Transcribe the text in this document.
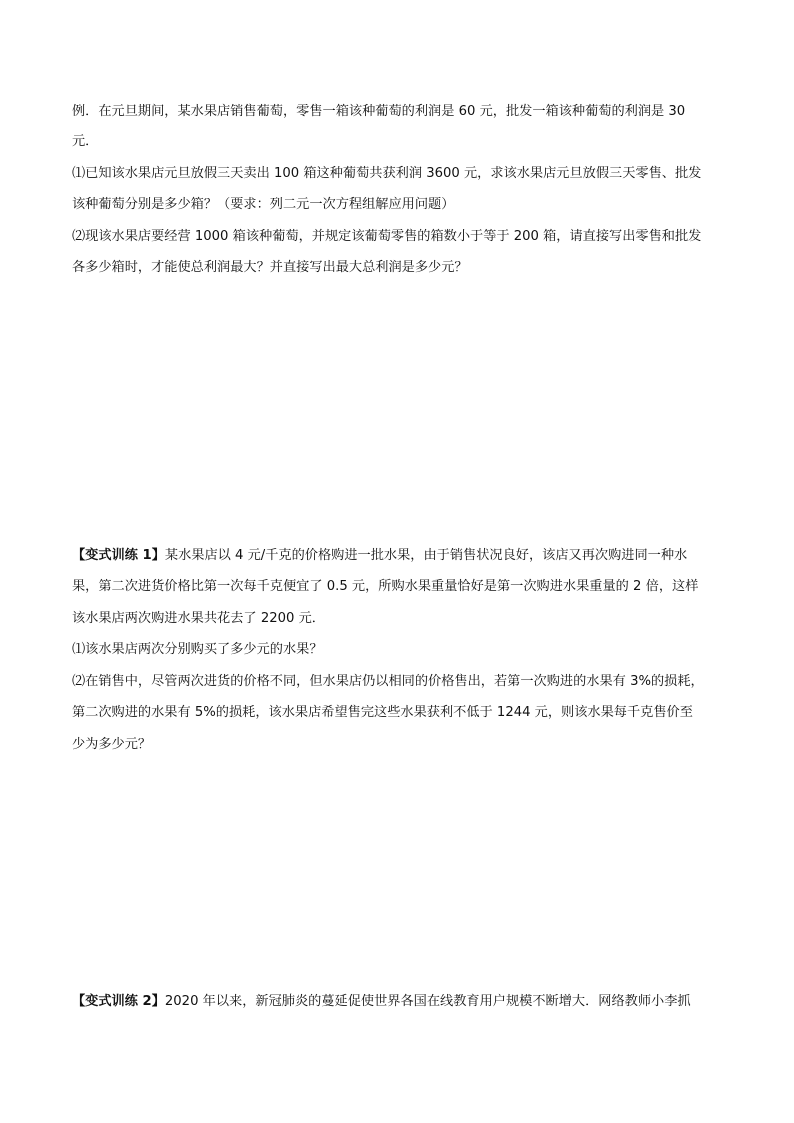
例．在元旦期间，某水果店销售葡萄，零售一箱该种葡萄的利润是 60 元，批发一箱该种葡萄的利润是 30
元．
⑴已知该水果店元旦放假三天卖出 100 箱这种葡萄共获利润 3600 元，求该水果店元旦放假三天零售、批发
该种葡萄分别是多少箱？（要求：列二元一次方程组解应用问题）
⑵现该水果店要经营 1000 箱该种葡萄，并规定该葡萄零售的箱数小于等于 200 箱，请直接写出零售和批发
各多少箱时，才能使总利润最大？并直接写出最大总利润是多少元？
【变式训练 1】某水果店以 4 元/千克的价格购进一批水果，由于销售状况良好，该店又再次购进同一种水
果，第二次进货价格比第一次每千克便宜了 0.5 元，所购水果重量恰好是第一次购进水果重量的 2 倍，这样
该水果店两次购进水果共花去了 2200 元．
⑴该水果店两次分别购买了多少元的水果？
⑵在销售中，尽管两次进货的价格不同，但水果店仍以相同的价格售出，若第一次购进的水果有 3%的损耗，
第二次购进的水果有 5%的损耗，该水果店希望售完这些水果获利不低于 1244 元，则该水果每千克售价至
少为多少元？
【变式训练 2】2020 年以来，新冠肺炎的蔓延促使世界各国在线教育用户规模不断增大．网络教师小李抓
